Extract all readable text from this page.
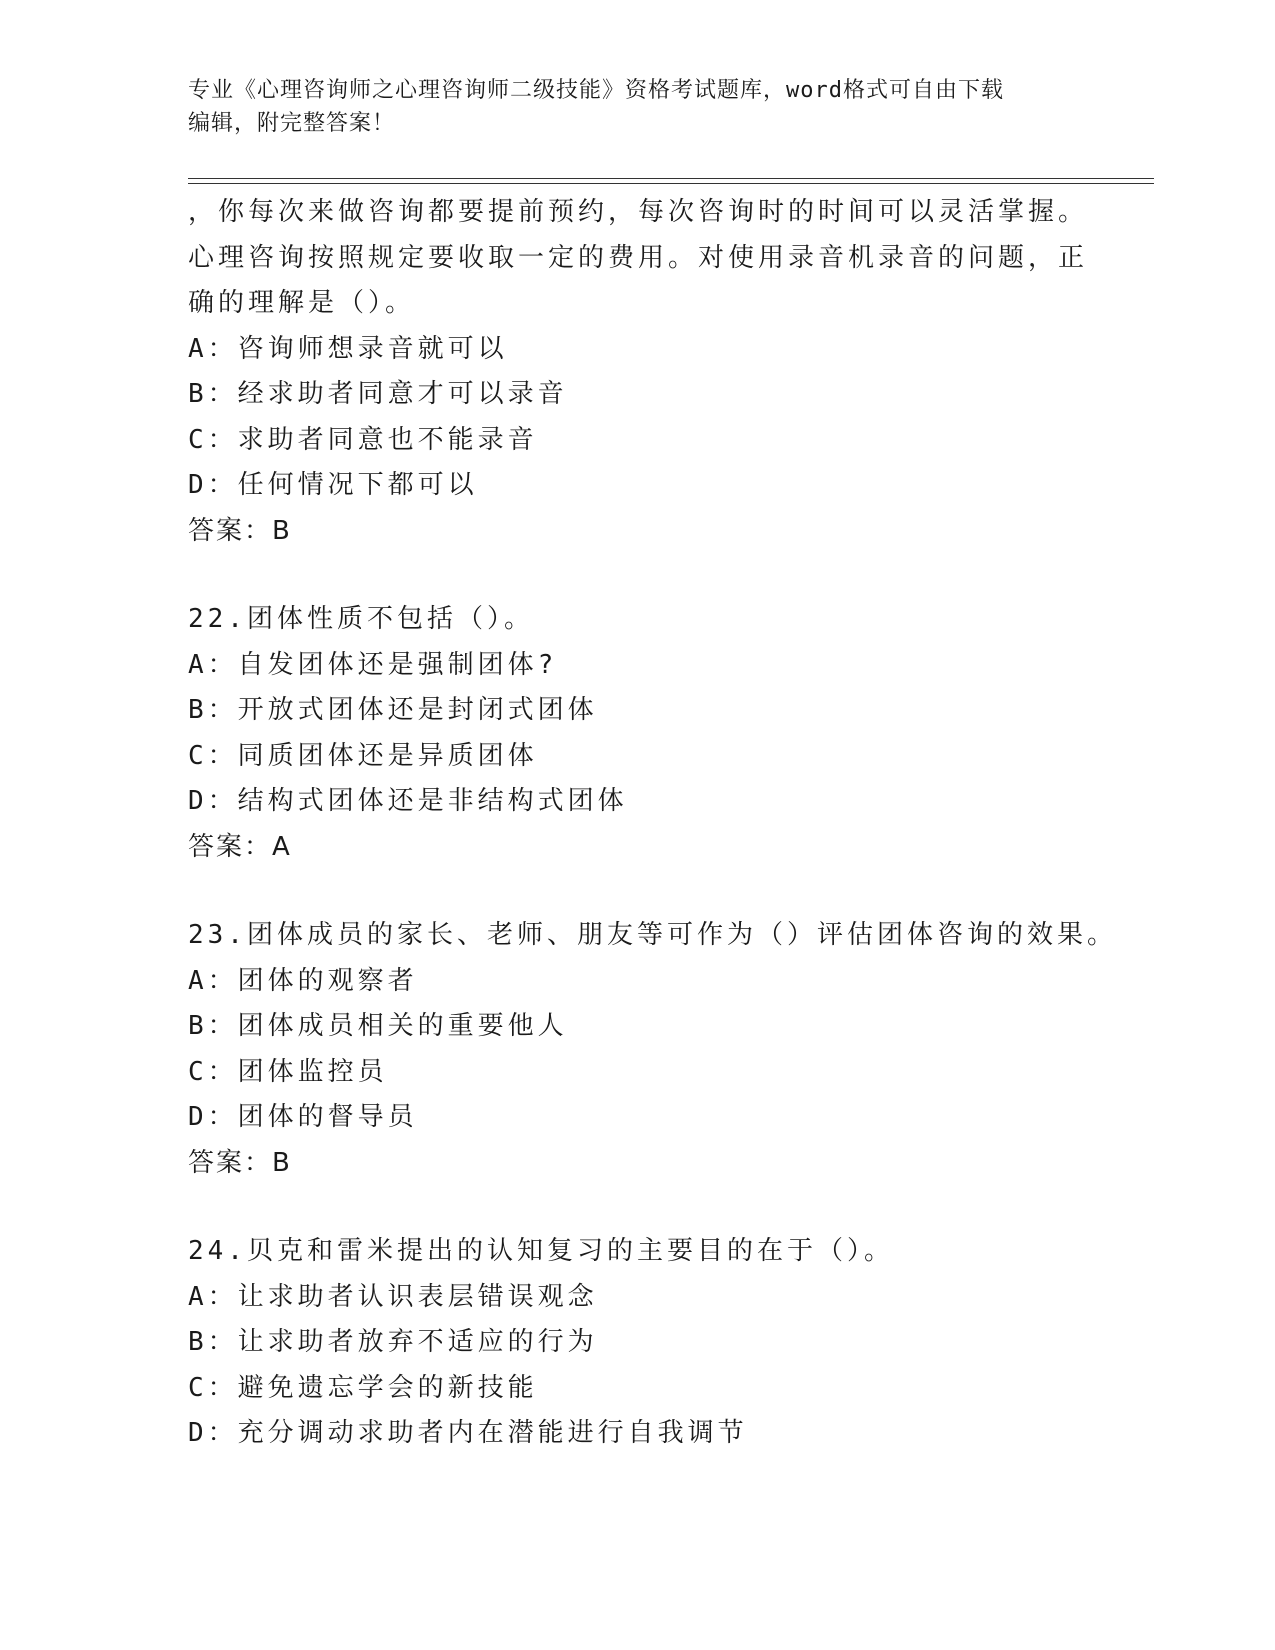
专业《心理咨询师之心理咨询师二级技能》资格考试题库，word格式可自由下载
编辑，附完整答案！
，你每次来做咨询都要提前预约，每次咨询时的时间可以灵活掌握。
心理咨询按照规定要收取一定的费用。对使用录音机录音的问题，正
确的理解是（）。
A：咨询师想录音就可以
B：经求助者同意才可以录音
C：求助者同意也不能录音
D：任何情况下都可以
答案：B
22.团体性质不包括（）。
A：自发团体还是强制团体?
B：开放式团体还是封闭式团体
C：同质团体还是异质团体
D：结构式团体还是非结构式团体
答案：A
23.团体成员的家长、老师、朋友等可作为（）评估团体咨询的效果。
A：团体的观察者
B：团体成员相关的重要他人
C：团体监控员
D：团体的督导员
答案：B
24.贝克和雷米提出的认知复习的主要目的在于（）。
A：让求助者认识表层错误观念
B：让求助者放弃不适应的行为
C：避免遗忘学会的新技能
D：充分调动求助者内在潜能进行自我调节
